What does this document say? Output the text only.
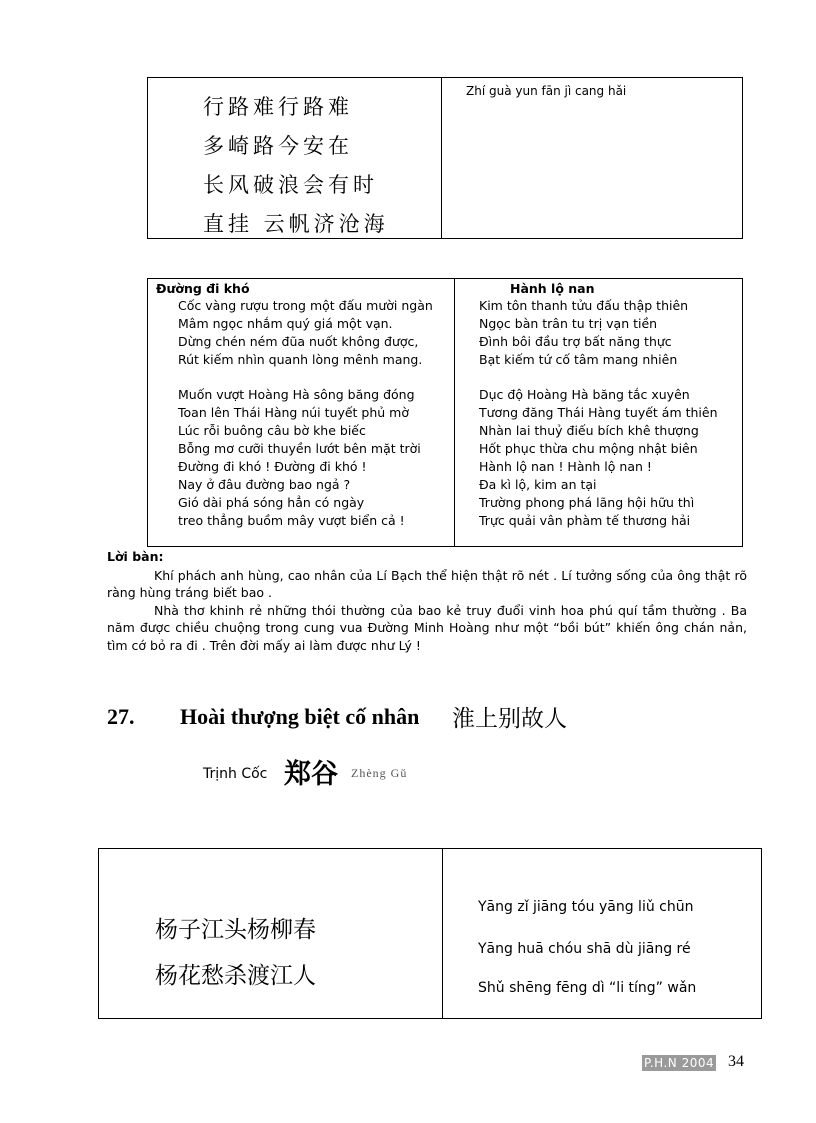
行路难行路难
多崎路今安在
长风破浪会有时
直挂 云帆济沧海
Zhí guà yun fān jì cang hǎi
Đường đi khó	Hành lộ nan
Cốc vàng rượu trong một đấu mười ngàn
Mâm ngọc nhắm quý giá một vạn.
Dừng chén ném đũa nuốt không được,
Rút kiếm nhìn quanh lòng mênh mang.
Muốn vượt Hoàng Hà sông băng đóng
Toan lên Thái Hàng núi tuyết phủ mờ
Lúc rỗi buông câu bờ khe biếc
Bỗng mơ cưỡi thuyền lướt bên mặt trời
Đường đi khó ! Đường đi khó !
Nay ở đâu đường bao ngả ?
Gió dài phá sóng hẳn có ngày
treo thẳng buồm mây vượt biển cả !
Kim tôn thanh tửu đấu thập thiên
Ngọc bàn trân tu trị vạn tiền
Đình bôi đầu trợ bất năng thực
Bạt kiếm tứ cố tâm mang nhiên
Dục độ Hoàng Hà băng tắc xuyên
Tương đăng Thái Hàng tuyết ám thiên
Nhàn lai thuỷ điếu bích khê thượng
Hốt phục thừa chu mộng nhật biên
Hành lộ nan ! Hành lộ nan !
Đa kì lộ, kim an tại
Trường phong phá lãng hội hữu thì
Trực quải vân phàm tế thương hải
Lời bàn:

Khí phách anh hùng, cao nhân của Lí Bạch thể hiện thật rõ nét . Lí tưởng sống của ông thật rõ ràng hùng tráng biết bao .

Nhà thơ khinh rẻ những thói thường của bao kẻ truy đuổi vinh hoa phú quí tầm thường . Ba năm được chiều chuộng trong cung vua Đường Minh Hoàng như một “bồi bút” khiến ông chán nản, tìm cớ bỏ ra đi . Trên đời mấy ai làm được như Lý !

27. Hoài thượng biệt cố nhân 淮上别故人
Trịnh Cốc 郑谷 Zhèng Gǔ
杨子江头杨柳春
杨花愁杀渡江人
Yāng zǐ jiāng tóu yāng liǔ chūn
Yāng huā chóu shā dù jiāng ré
Shǔ shēng fēng dì “li tíng” wǎn
P.H.N 2004 34
